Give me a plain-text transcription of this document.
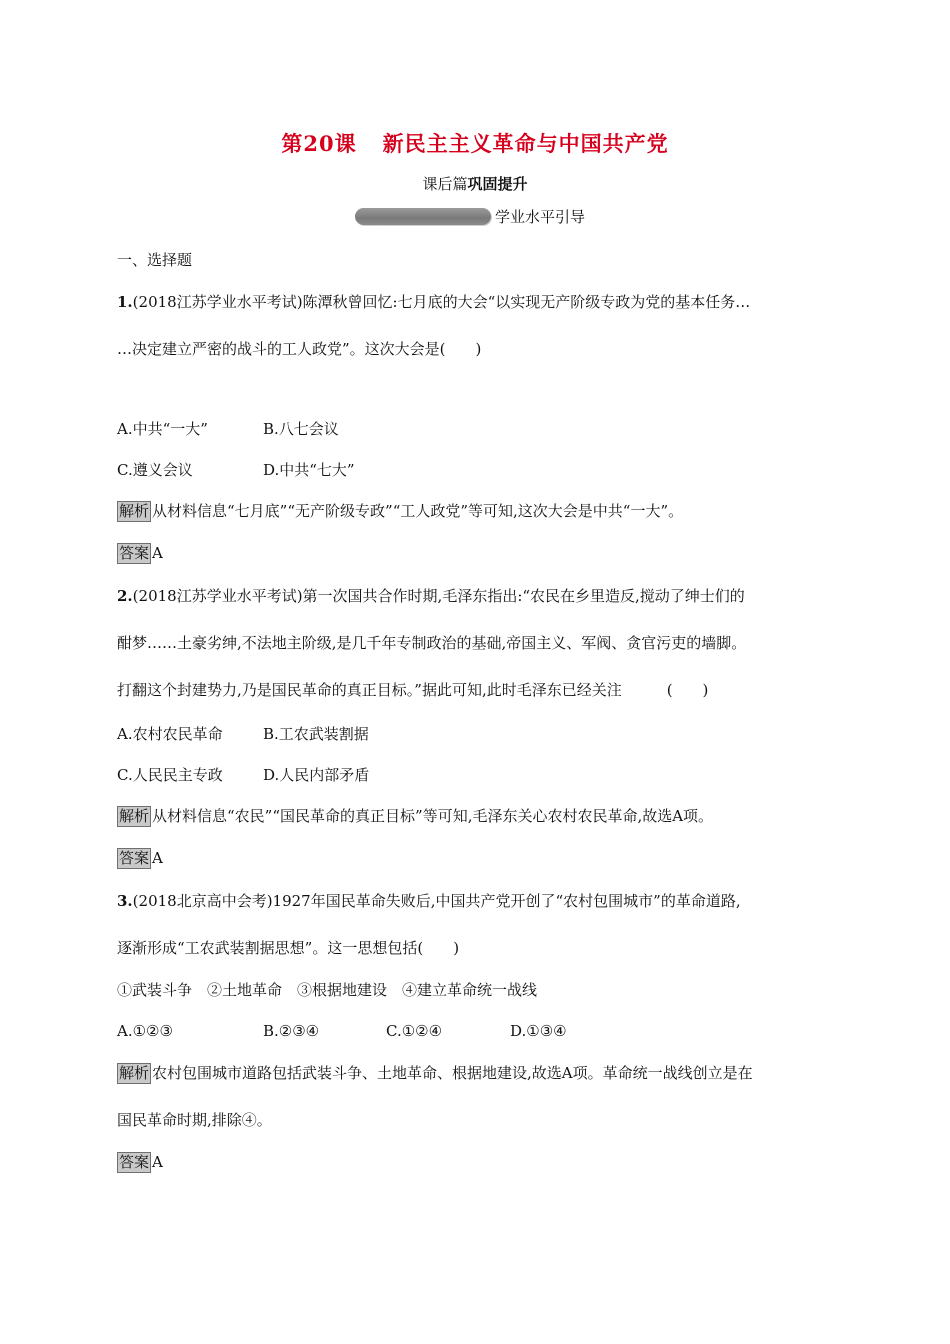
第20课 新民主主义革命与中国共产党
课后篇巩固提升
学业水平引导
一、选择题
1.(2018江苏学业水平考试)陈潭秋曾回忆:七月底的大会“以实现无产阶级专政为党的基本任务…
…决定建立严密的战斗的工人政党”。这次大会是(　　)
A.中共“一大”	B.八七会议
C.遵义会议	D.中共“七大”
解析 从材料信息“七月底”“无产阶级专政”“工人政党”等可知,这次大会是中共“一大”。
答案 A
2.(2018江苏学业水平考试)第一次国共合作时期,毛泽东指出:“农民在乡里造反,搅动了绅士们的
酣梦……土豪劣绅,不法地主阶级,是几千年专制政治的基础,帝国主义、军阀、贪官污吏的墙脚。
打翻这个封建势力,乃是国民革命的真正目标。”据此可知,此时毛泽东已经关注　　　(　　)
A.农村农民革命	B.工农武装割据
C.人民民主专政	D.人民内部矛盾
解析 从材料信息“农民”“国民革命的真正目标”等可知,毛泽东关心农村农民革命,故选A项。
答案 A
3.(2018北京高中会考)1927年国民革命失败后,中国共产党开创了“农村包围城市”的革命道路,
逐渐形成“工农武装割据思想”。这一思想包括(　　)
①武装斗争　②土地革命　③根据地建设　④建立革命统一战线
A.①②③	B.②③④	C.①②④	D.①③④
解析 农村包围城市道路包括武装斗争、土地革命、根据地建设,故选A项。革命统一战线创立是在
国民革命时期,排除④。
答案 A
